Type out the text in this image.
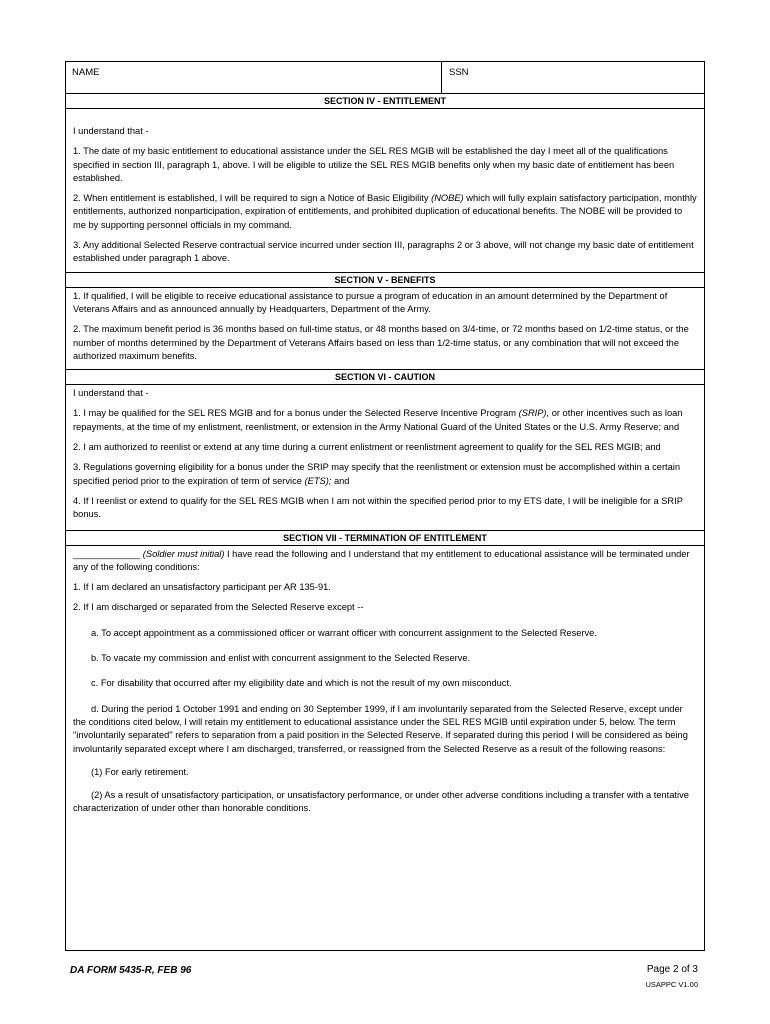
NAME	SSN
SECTION IV - ENTITLEMENT

I understand that -

1. The date of my basic entitlement to educational assistance under the SEL RES MGIB will be established the day I meet all of the qualifications specified in section III, paragraph 1, above. I will be eligible to utilize the SEL RES MGIB benefits only when my basic date of entitlement has been established.

2. When entitlement is established, I will be required to sign a Notice of Basic Eligibility (NOBE) which will fully explain satisfactory participation, monthly entitlements, authorized nonparticipation, expiration of entitlements, and prohibited duplication of educational benefits. The NOBE will be provided to me by supporting personnel officials in my command.

3. Any additional Selected Reserve contractual service incurred under section III, paragraphs 2 or 3 above, will not change my basic date of entitlement established under paragraph 1 above.

SECTION V - BENEFITS

1. If qualified, I will be eligible to receive educational assistance to pursue a program of education in an amount determined by the Department of Veterans Affairs and as announced annually by Headquarters, Department of the Army.

2. The maximum benefit period is 36 months based on full-time status, or 48 months based on 3/4-time, or 72 months based on 1/2-time status, or the number of months determined by the Department of Veterans Affairs based on less than 1/2-time status, or any combination that will not exceed the authorized maximum benefits.

SECTION VI - CAUTION

I understand that -

1. I may be qualified for the SEL RES MGIB and for a bonus under the Selected Reserve Incentive Program (SRIP), or other incentives such as loan repayments, at the time of my enlistment, reenlistment, or extension in the Army National Guard of the United States or the U.S. Army Reserve; and

2. I am authorized to reenlist or extend at any time during a current enlistment or reenlistment agreement to qualify for the SEL RES MGIB; and

3. Regulations governing eligibility for a bonus under the SRIP may specify that the reenlistment or extension must be accomplished within a certain specified period prior to the expiration of term of service (ETS); and

4. If I reenlist or extend to qualify for the SEL RES MGIB when I am not within the specified period prior to my ETS date, I will be ineligible for a SRIP bonus.

SECTION VII - TERMINATION OF ENTITLEMENT

_____________ (Soldier must initial) I have read the following and I understand that my entitlement to educational assistance will be terminated under any of the following conditions:

1. If I am declared an unsatisfactory participant per AR 135-91.

2. If I am discharged or separated from the Selected Reserve except --

a. To accept appointment as a commissioned officer or warrant officer with concurrent assignment to the Selected Reserve.

b. To vacate my commission and enlist with concurrent assignment to the Selected Reserve.

c. For disability that occurred after my eligibility date and which is not the result of my own misconduct.

d. During the period 1 October 1991 and ending on 30 September 1999, if I am involuntarily separated from the Selected Reserve, except under the conditions cited below, I will retain my entitlement to educational assistance under the SEL RES MGIB until expiration under 5, below. The term "involuntarily separated" refers to separation from a paid position in the Selected Reserve. If separated during this period I will be considered as being involuntarily separated except where I am discharged, transferred, or reassigned from the Selected Reserve as a result of the following reasons:

(1) For early retirement.

(2) As a result of unsatisfactory participation, or unsatisfactory performance, or under other adverse conditions including a transfer with a tentative characterization of under other than honorable conditions.

DA FORM 5435-R, FEB 96	Page 2 of 3
USAPPC V1.00
